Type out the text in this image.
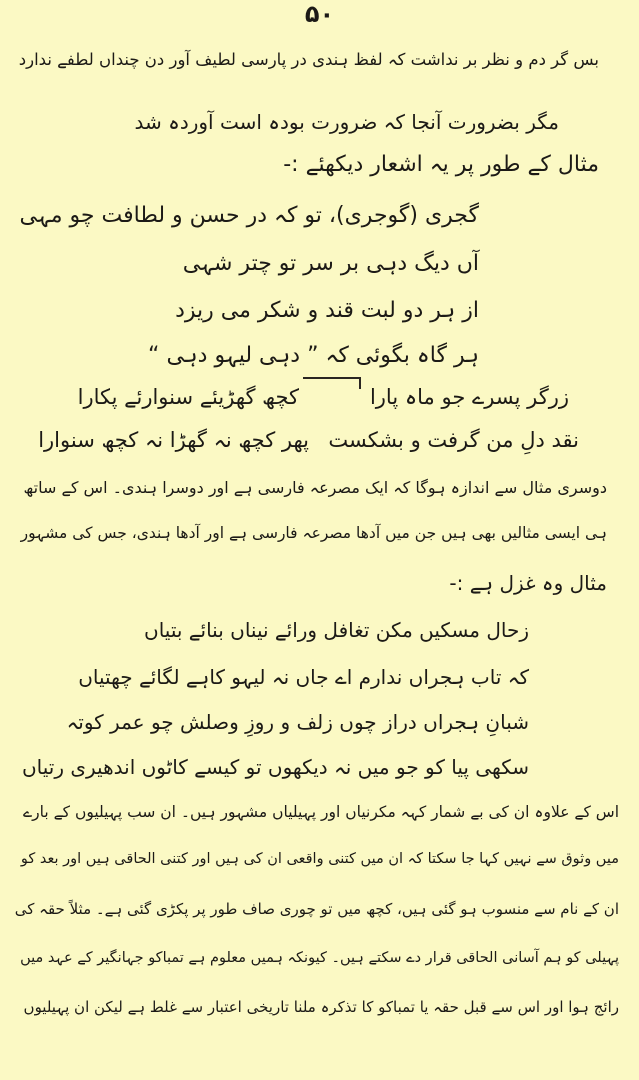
۵۰
بس گر دم و نظر بر نداشت کہ لفظ ہندی در پارسی لطیف آور دن چنداں لطفے ندارد
مگر بضرورت آنجا کہ ضرورت بودہ است آوردہ شد
مثال کے طور پر یہ اشعار دیکھئے :-
گجری (گوجری)، تو کہ در حسن و لطافت چو مہی
آں دیگ دہی بر سر تو چتر شہی
از ہر دو لبت قند و شکر می ریزد
ہر گاہ بگوئی کہ ” دہی لیہو دہی “
زرگر پسرے جو ماہ پارا
کچھ گھڑیئے سنوارئے پکارا
نقد دلِ من گرفت و بشکست
پھر کچھ نہ گھڑا نہ کچھ سنوارا
دوسری مثال سے اندازہ ہوگا کہ ایک مصرعہ فارسی ہے اور دوسرا ہندی۔ اس کے ساتھ
ہی ایسی مثالیں بھی ہیں جن میں آدھا مصرعہ فارسی ہے اور آدھا ہندی، جس کی مشہور
مثال وہ غزل ہے :-
زحال مسکیں مکن تغافل ورائے نیناں بنائے بتیاں
کہ تاب ہجراں ندارم اے جاں نہ لیہو کاہے لگائے چھتیاں
شبانِ ہجراں دراز چوں زلف و روزِ وصلش چو عمر کوتہ
سکھی پیا کو جو میں نہ دیکھوں تو کیسے کاٹوں اندھیری رتیاں
اس کے علاوہ ان کی بے شمار کہہ مکرنیاں اور پہیلیاں مشہور ہیں۔ ان سب پہیلیوں کے بارے
میں وثوق سے نہیں کہا جا سکتا کہ ان میں کتنی واقعی ان کی ہیں اور کتنی الحاقی ہیں اور بعد کو
ان کے نام سے منسوب ہو گئی ہیں، کچھ میں تو چوری صاف طور پر پکڑی گئی ہے۔ مثلاً حقہ کی
پہیلی کو ہم آسانی الحاقی قرار دے سکتے ہیں۔ کیونکہ ہمیں معلوم ہے تمباکو جہانگیر کے عہد میں
رائج ہوا اور اس سے قبل حقہ یا تمباکو کا تذکرہ ملنا تاریخی اعتبار سے غلط ہے لیکن ان پہیلیوں
